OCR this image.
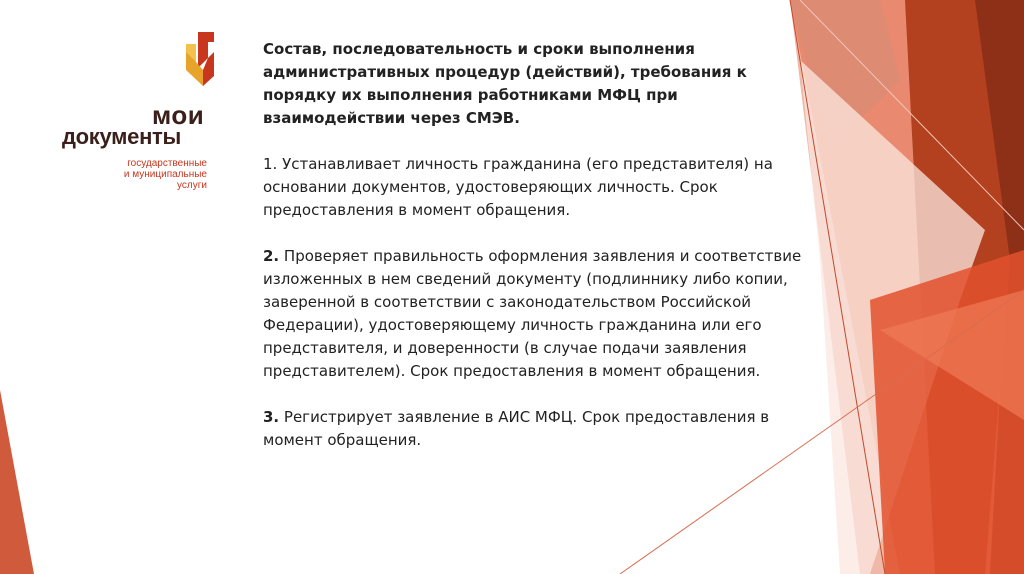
мои
документы
государственные
и муниципальные услуги

Состав, последовательность и сроки выполнения административных процедур (действий), требования к порядку их выполнения работниками МФЦ при взаимодействии через СМЭВ.

1. Устанавливает личность гражданина (его представителя) на основании документов, удостоверяющих личность. Срок предоставления в момент обращения.

2. Проверяет правильность оформления заявления и соответствие изложенных в нем сведений документу (подлиннику либо копии, заверенной в соответствии с законодательством Российской Федерации), удостоверяющему личность гражданина или его представителя, и доверенности (в случае подачи заявления представителем). Срок предоставления в момент обращения.

3. Регистрирует заявление в АИС МФЦ. Срок предоставления в момент обращения.
